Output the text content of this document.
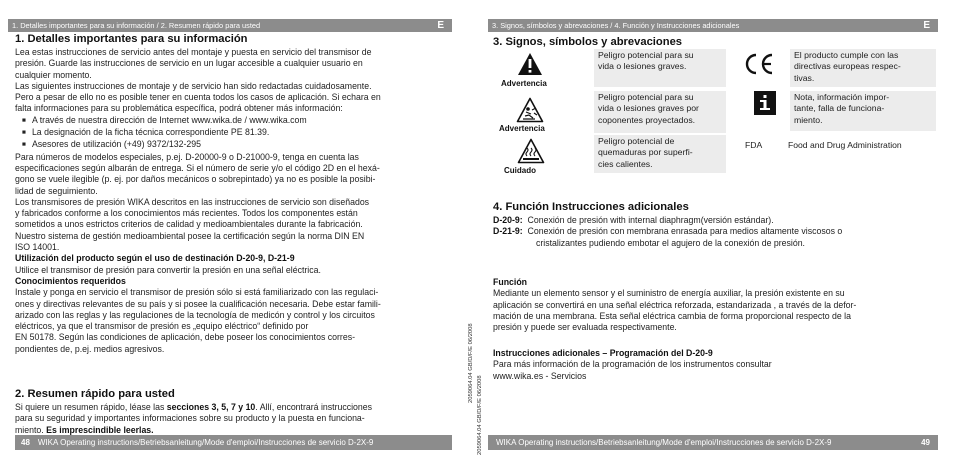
1. Detalles importantes para su información / 2. Resumen rápido para usted	E
1. Detalles importantes para su información
Lea estas instrucciones de servicio antes del montaje y puesta en servicio del transmisor de
presión. Guarde las instrucciones de servicio en un lugar accesible a cualquier usuario en
cualquier momento.
Las siguientes instrucciones de montaje y de servicio han sido redactadas cuidadosamente.
Pero a pesar de ello no es posible tener en cuenta todos los casos de aplicación. Si echara en
falta informaciones para su problemática específica, podrá obtener más información:
■ A través de nuestra dirección de Internet www.wika.de / www.wika.com
■ La designación de la ficha técnica correspondiente PE 81.39.
■ Asesores de utilización (+49) 9372/132-295
Para números de modelos especiales, p.ej. D-20000-9 o D-21000-9, tenga en cuenta las
especificaciones según albarán de entrega. Si el número de serie y/o el código 2D en el hexá-
gono se vuele ilegible (p. ej. por daños mecánicos o sobrepintado) ya no es posible la posibi-
lidad de seguimiento.
Los transmisores de presión WIKA descritos en las instrucciones de servicio son diseñados
y fabricados conforme a los conocimientos más recientes. Todos los componentes están
sometidos a unos estrictos criterios de calidad y medioambientales durante la fabricación.
Nuestro sistema de gestión medioambiental posee la certificación según la norma DIN EN
ISO 14001.
Utilización del producto según el uso de destinación D-20-9, D-21-9
Utilice el transmisor de presión para convertir la presión en una señal eléctrica.
Conocimientos requeridos
Instale y ponga en servicio el transmisor de presión sólo si está familiarizado con las regulaci-
ones y directivas relevantes de su país y si posee la cualificación necesaria. Debe estar famili-
arizado con las reglas y las regulaciones de la tecnología de medicón y control y los circuitos
eléctricos, ya que el transmisor de presión es „equipo eléctrico“ definido por
EN 50178. Según las condiciones de aplicación, debe poseer los conocimientos corres-
pondientes de, p.ej. medios agresivos.
2. Resumen rápido para usted
Si quiere un resumen rápido, léase las secciones 3, 5, 7 y 10. Allí, encontrará instrucciones
para su seguridad y importantes informaciones sobre su producto y la puesta en funciona-
miento. Es imprescindible leerlas.
48 WIKA Operating instructions/Betriebsanleitung/Mode d'emploi/Instrucciones de servicio D-2X-9
2059064.04 GB/D/F/E 06/2008
2059064.04 GB/D/F/E 06/2008
3. Signos, símbolos y abrevaciones / 4. Función y Instrucciones adicionales	E
3. Signos, símbolos y abrevaciones
Advertencia
Peligro potencial para su
vida o lesiones graves.
Advertencia
Peligro potencial para su
vida o lesiones graves por
coponentes proyectados.
Cuidado
Peligro potencial de
quemaduras por superfi-
cies calientes.
El producto cumple con las
directivas europeas respec-
tivas.
Nota, información impor-
tante, falla de funciona-
miento.
FDA	Food and Drug Administration
4. Función Instrucciones adicionales
D-20-9: Conexión de presión with internal diaphragm(versión estándar).
D-21-9: Conexión de presión con membrana enrasada para medios altamente viscosos o
cristalizantes pudiendo embotar el agujero de la conexión de presión.
Función
Mediante un elemento sensor y el suministro de energía auxiliar, la presión existente en su
aplicación se convertirá en una señal eléctrica reforzada, estandarizada , a través de la defor-
mación de una membrana. Esta señal eléctrica cambia de forma proporcional respecto de la
presión y puede ser evaluada respectivamente.
Instrucciones adicionales – Programación del D-20-9
Para más información de la programación de los instrumentos consultar
www.wika.es - Servicios
WIKA Operating instructions/Betriebsanleitung/Mode d'emploi/Instrucciones de servicio D-2X-9	49
